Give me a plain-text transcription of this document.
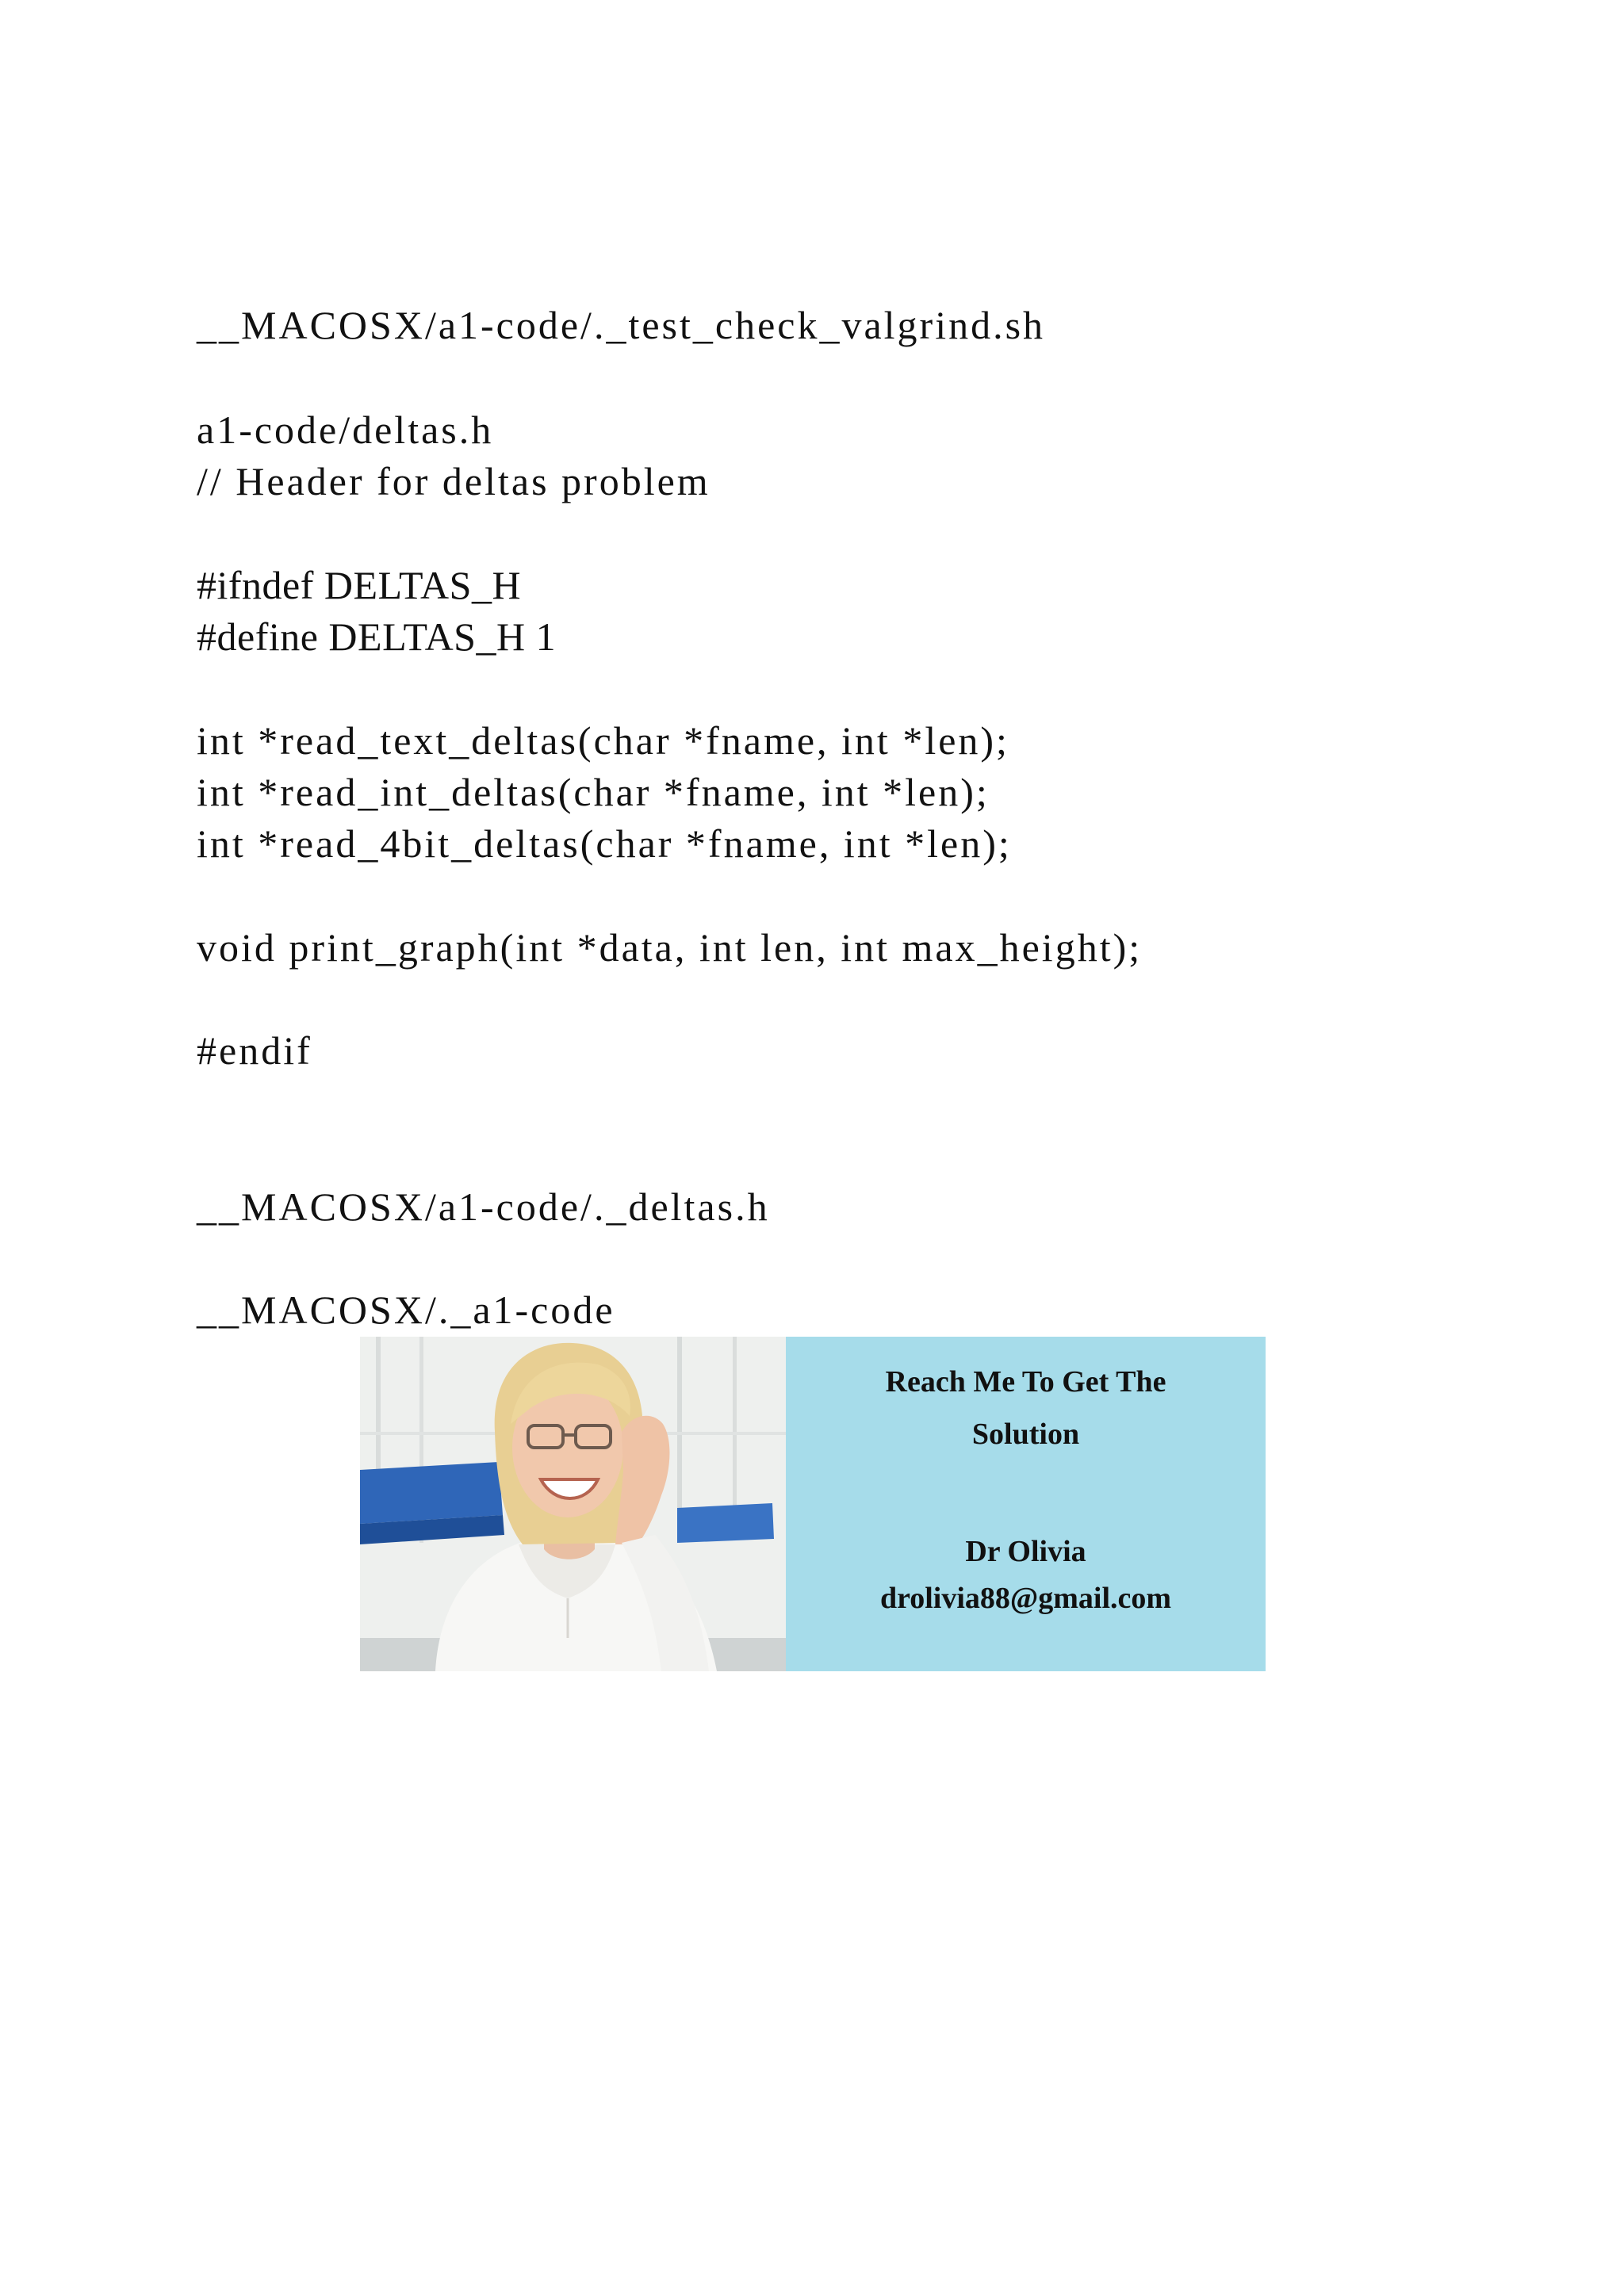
__MACOSX/a1-code/._test_check_valgrind.sh
a1-code/deltas.h
// Header for deltas problem
#ifndef DELTAS_H
#define DELTAS_H 1
int *read_text_deltas(char *fname, int *len);
int *read_int_deltas(char *fname, int *len);
int *read_4bit_deltas(char *fname, int *len);
void print_graph(int *data, int len, int max_height);
#endif
__MACOSX/a1-code/._deltas.h
__MACOSX/._a1-code
Reach Me To Get The
Solution
Dr Olivia
drolivia88@gmail.com
